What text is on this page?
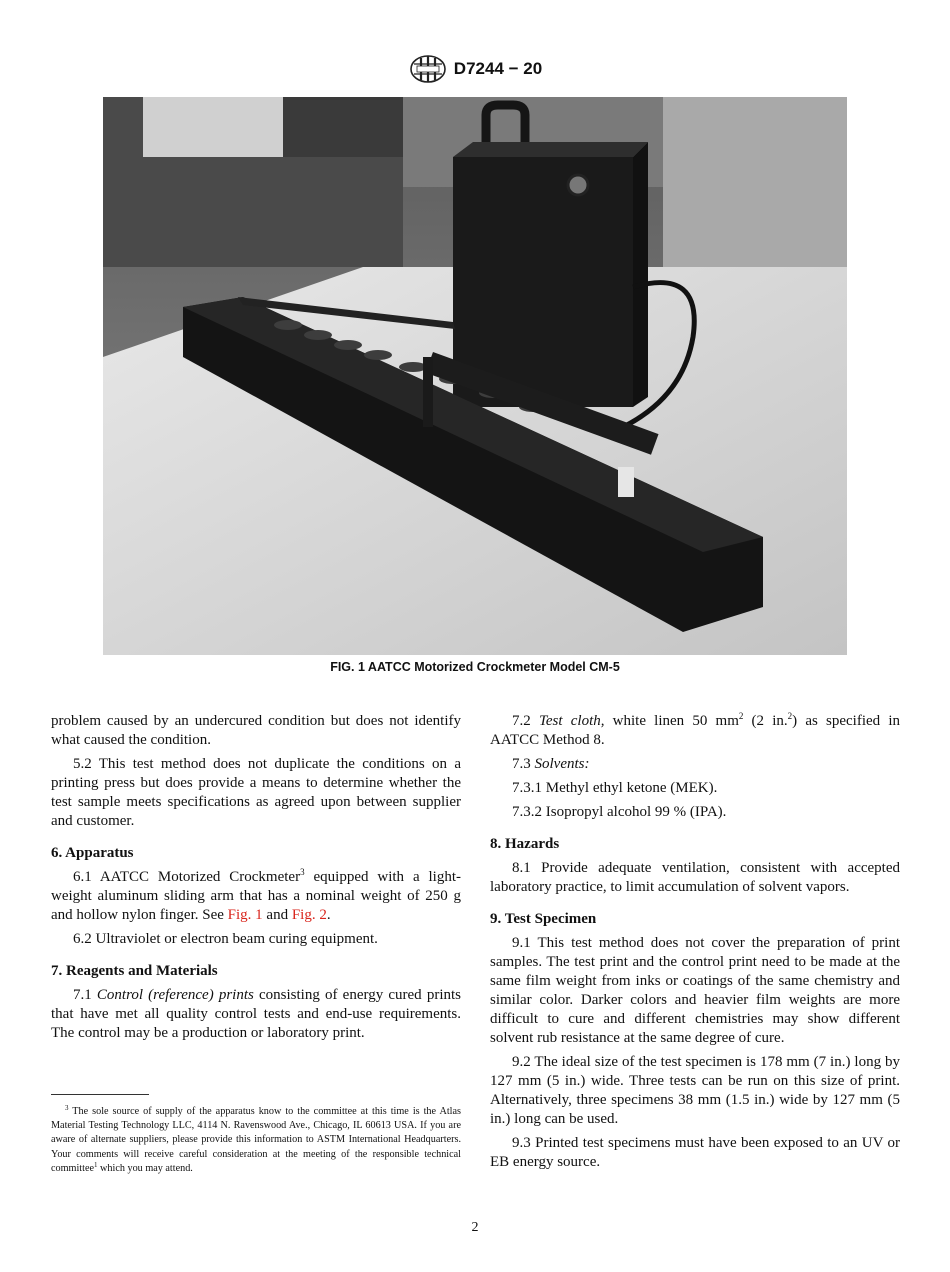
D7244 − 20
FIG. 1 AATCC Motorized Crockmeter Model CM-5

problem caused by an undercured condition but does not identify what caused the condition.

5.2 This test method does not duplicate the conditions on a printing press but does provide a means to determine whether the test sample meets specifications as agreed upon between supplier and customer.

6. Apparatus

6.1 AATCC Motorized Crockmeter$^3$ equipped with a light-weight aluminum sliding arm that has a nominal weight of 250 g and hollow nylon finger. See Fig. 1 and Fig. 2.

6.2 Ultraviolet or electron beam curing equipment.

7. Reagents and Materials

7.1 Control (reference) prints consisting of energy cured prints that have met all quality control tests and end-use requirements. The control may be a production or laboratory print.

$^3$ The sole source of supply of the apparatus know to the committee at this time is the Atlas Material Testing Technology LLC, 4114 N. Ravenswood Ave., Chicago, IL 60613 USA. If you are aware of alternate suppliers, please provide this information to ASTM International Headquarters. Your comments will receive careful consideration at the meeting of the responsible technical committee$^1$ which you may attend.

7.2 Test cloth, white linen 50 $mm^2$ (2 in.$^2$) as specified in AATCC Method 8.

7.3 Solvents:

7.3.1 Methyl ethyl ketone (MEK).

7.3.2 Isopropyl alcohol 99 % (IPA).

8. Hazards

8.1 Provide adequate ventilation, consistent with accepted laboratory practice, to limit accumulation of solvent vapors.

9. Test Specimen

9.1 This test method does not cover the preparation of print samples. The test print and the control print need to be made at the same film weight from inks or coatings of the same chemistry and similar color. Darker colors and heavier film weights are more difficult to cure and different chemistries may show different solvent rub resistance at the same degree of cure.

9.2 The ideal size of the test specimen is 178 mm (7 in.) long by 127 mm (5 in.) wide. Three tests can be run on this size of print. Alternatively, three specimens 38 mm (1.5 in.) wide by 127 mm (5 in.) long can be used.

9.3 Printed test specimens must have been exposed to an UV or EB energy source.

2
